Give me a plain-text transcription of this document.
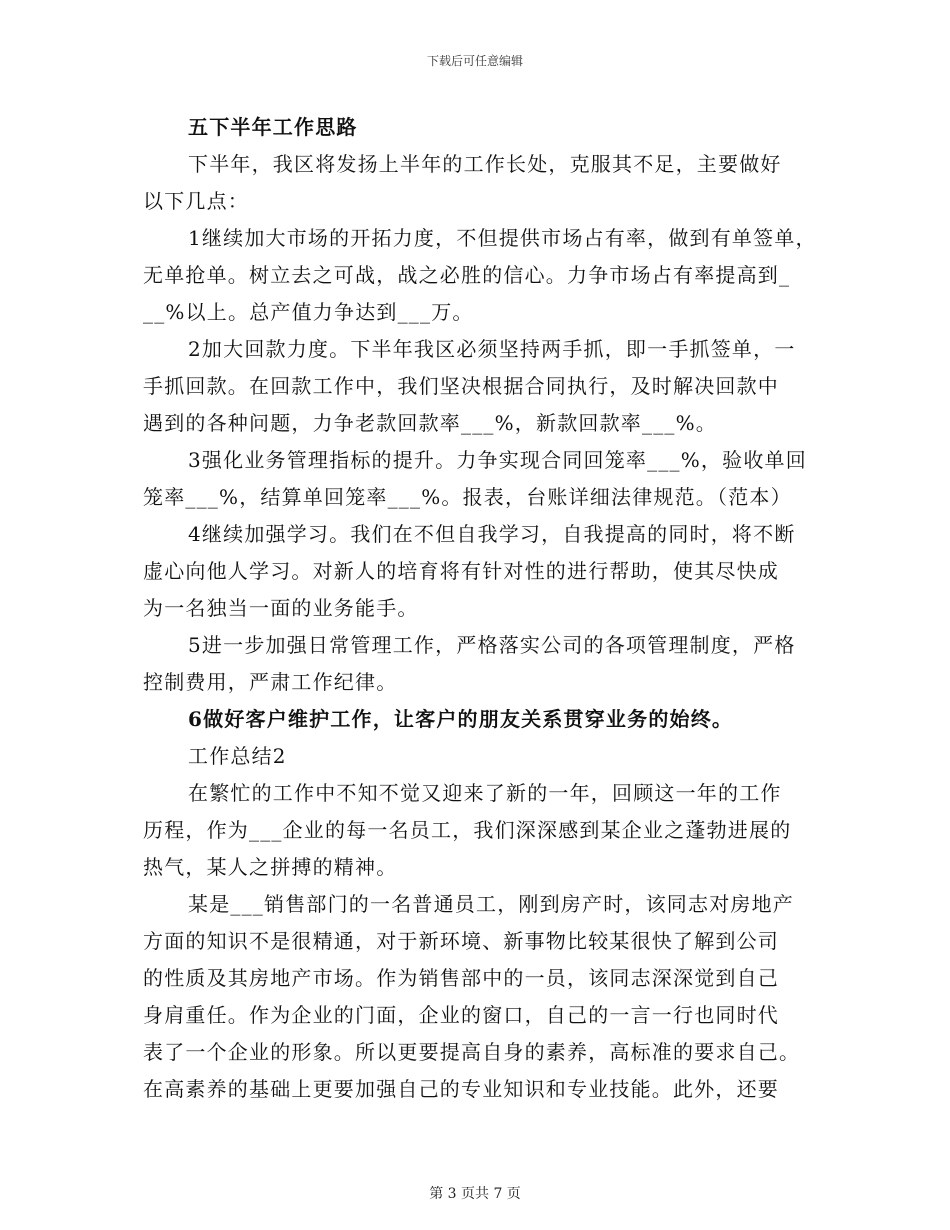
下载后可任意编辑
五下半年工作思路
下半年，我区将发扬上半年的工作长处，克服其不足，主要做好
以下几点：
1继续加大市场的开拓力度，不但提供市场占有率，做到有单签单，
无单抢单。树立去之可战，战之必胜的信心。力争市场占有率提高到_
__%以上。总产值力争达到___万。
2加大回款力度。下半年我区必须坚持两手抓，即一手抓签单，一
手抓回款。在回款工作中，我们坚决根据合同执行，及时解决回款中
遇到的各种问题，力争老款回款率___%，新款回款率___%。
3强化业务管理指标的提升。力争实现合同回笼率___%，验收单回
笼率___%，结算单回笼率___%。报表，台账详细法律规范。（范本）
4继续加强学习。我们在不但自我学习，自我提高的同时，将不断
虚心向他人学习。对新人的培育将有针对性的进行帮助，使其尽快成
为一名独当一面的业务能手。
5进一步加强日常管理工作，严格落实公司的各项管理制度，严格
控制费用，严肃工作纪律。
6做好客户维护工作，让客户的朋友关系贯穿业务的始终。
工作总结2
在繁忙的工作中不知不觉又迎来了新的一年，回顾这一年的工作
历程，作为___企业的每一名员工，我们深深感到某企业之蓬勃进展的
热气，某人之拼搏的精神。
某是___销售部门的一名普通员工，刚到房产时，该同志对房地产
方面的知识不是很精通，对于新环境、新事物比较某很快了解到公司
的性质及其房地产市场。作为销售部中的一员，该同志深深觉到自己
身肩重任。作为企业的门面，企业的窗口，自己的一言一行也同时代
表了一个企业的形象。所以更要提高自身的素养，高标准的要求自己。
在高素养的基础上更要加强自己的专业知识和专业技能。此外，还要
第 3 页共 7 页
